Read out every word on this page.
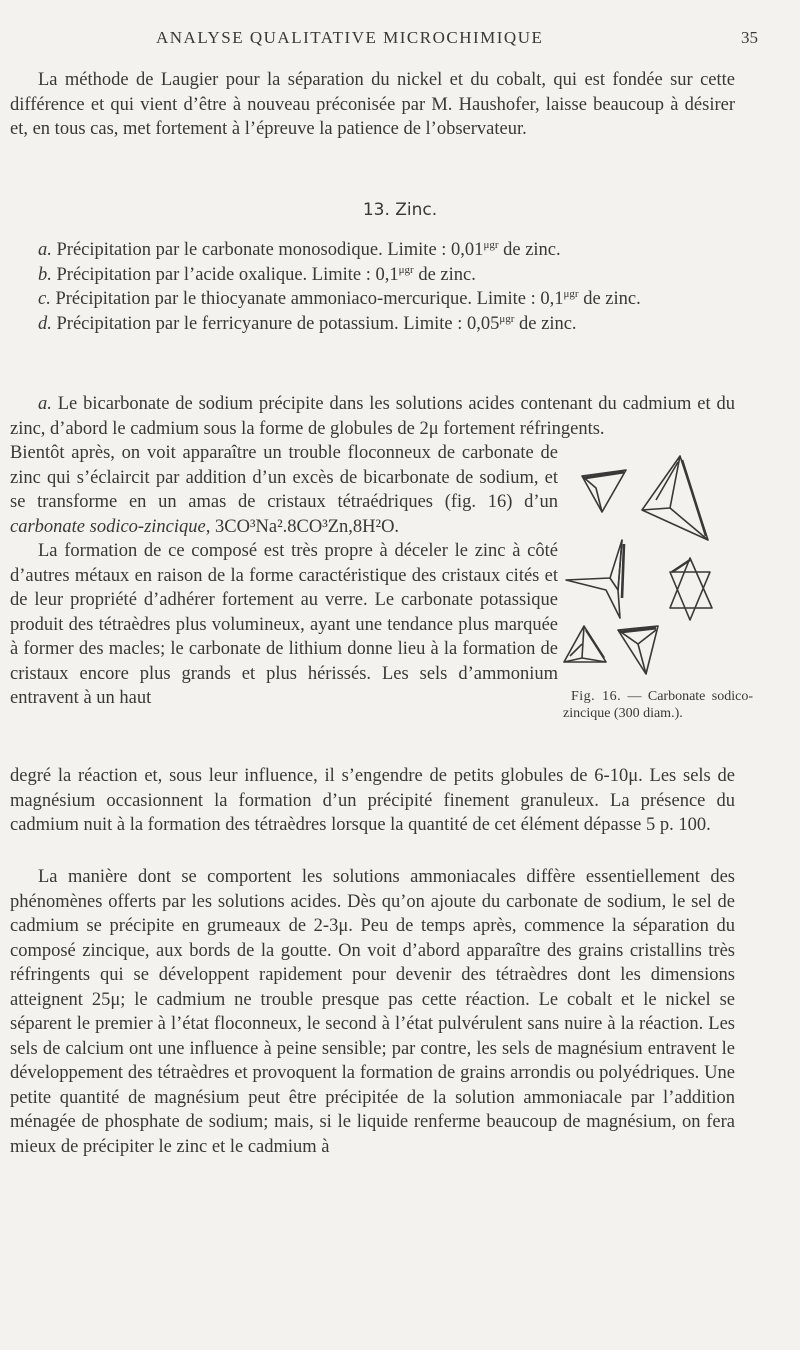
ANALYSE QUALITATIVE MICROCHIMIQUE	35

La méthode de Laugier pour la séparation du nickel et du cobalt, qui est fondée sur cette différence et qui vient d’être à nouveau préconisée par M. Haushofer, laisse beaucoup à désirer et, en tous cas, met fortement à l’épreuve la patience de l’observateur.

13. Zinc.

a. Précipitation par le carbonate monosodique. Limite : $0,01^{\mu gr}$ de zinc.

b. Précipitation par l’acide oxalique. Limite : $0,1^{\mu gr}$ de zinc.

c. Précipitation par le thiocyanate ammoniaco-mercurique. Limite : $0,1^{\mu gr}$ de zinc.

d. Précipitation par le ferricyanure de potassium. Limite : $0,05^{\mu gr}$ de zinc.

a. Le bicarbonate de sodium précipite dans les solutions acides contenant du cadmium et du zinc, d’abord le cadmium sous la forme de globules de 2μ fortement réfringents.

Bientôt après, on voit apparaître un trouble floconneux de carbonate de zinc qui s’éclaircit par addition d’un excès de bicarbonate de sodium, et se transforme en un amas de cristaux tétraédriques (fig. 16) d’un carbonate sodico-zincique, 3CO³Na².8CO³Zn,8H²O.

La formation de ce composé est très propre à déceler le zinc à côté d’autres métaux en raison de la forme caractéristique des cristaux cités et de leur propriété d’adhérer fortement au verre. Le carbonate potassique produit des tétraèdres plus volumineux, ayant une tendance plus marquée à former des macles; le carbonate de lithium donne lieu à la formation de cristaux encore plus grands et plus hérissés. Les sels d’ammonium entravent à un haut	Fig. 16. — Carbonate sodico-zincique (300 diam.).

degré la réaction et, sous leur influence, il s’engendre de petits globules de 6-10μ. Les sels de magnésium occasionnent la formation d’un précipité finement granuleux. La présence du cadmium nuit à la formation des tétraèdres lorsque la quantité de cet élément dépasse 5 p. 100.

La manière dont se comportent les solutions ammoniacales diffère essentiellement des phénomènes offerts par les solutions acides. Dès qu’on ajoute du carbonate de sodium, le sel de cadmium se précipite en grumeaux de 2-3μ. Peu de temps après, commence la séparation du composé zincique, aux bords de la goutte. On voit d’abord apparaître des grains cristallins très réfringents qui se développent rapidement pour devenir des tétraèdres dont les dimensions atteignent 25μ; le cadmium ne trouble presque pas cette réaction. Le cobalt et le nickel se séparent le premier à l’état floconneux, le second à l’état pulvérulent sans nuire à la réaction. Les sels de calcium ont une influence à peine sensible; par contre, les sels de magnésium entravent le développement des tétraèdres et provoquent la formation de grains arrondis ou polyédriques. Une petite quantité de magnésium peut être précipitée de la solution ammoniacale par l’addition ménagée de phosphate de sodium; mais, si le liquide renferme beaucoup de magnésium, on fera mieux de précipiter le zinc et le cadmium à
